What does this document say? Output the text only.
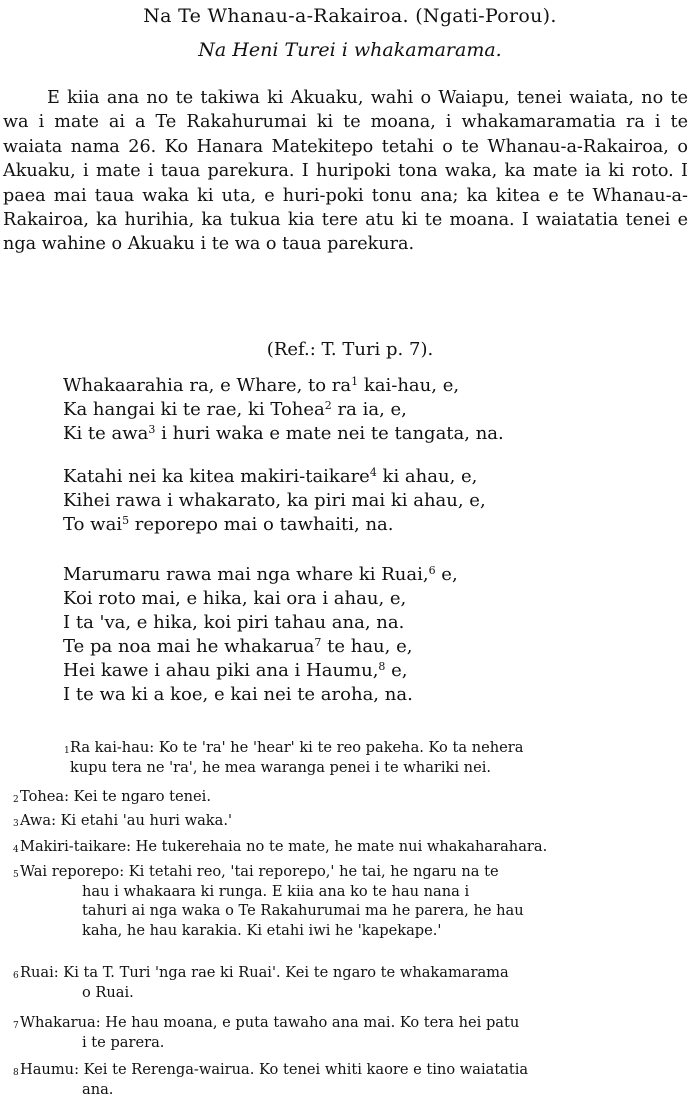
Na Te Whanau-a-Rakairoa. (Ngati-Porou).
Na Heni Turei i whakamarama.

E kiia ana no te takiwa ki Akuaku, wahi o Waiapu, tenei waiata, no te wa i mate ai a Te Rakahurumai ki te moana, i whakamaramatia ra i te waiata nama 26. Ko Hanara Matekitepo tetahi o te Whanau-a-Rakairoa, o Akuaku, i mate i taua parekura. I huripoki tona waka, ka mate ia ki roto. I paea mai taua waka ki uta, e huri-poki tonu ana; ka kitea e te Whanau-a-Rakairoa, ka hurihia, ka tukua kia tere atu ki te moana. I waiatatia tenei e nga wahine o Akuaku i te wa o taua parekura.

(Ref.: T. Turi p. 7).
Whakaarahia ra, e Whare, to $ra^1$ kai-hau, e,
Ka hangai ki te rae, ki Tohea$^2$ ra ia, e,
Ki te awa$^3$ i huri waka e mate nei te tangata, na.
Katahi nei ka kitea makiri-taikare$^4$ ki ahau, e,
Kihei rawa i whakarato, ka piri mai ki ahau, e,
To wai$^5$ reporepo mai o tawhaiti, na.
Marumaru rawa mai nga whare ki Ruai,$^6$ e,
Koi roto mai, e hika, kai ora i ahau, e,
I ta 'va, e hika, koi piri tahau ana, na.
Te pa noa mai he whakarua$^7$ te hau, e,
Hei kawe i ahau piki ana i Haumu,$^8$ e,
I te wa ki a koe, e kai nei te aroha, na.
1 Ra kai-hau: Ko te 'ra' he 'hear' ki te reo pakeha. Ko ta nehera
kupu tera ne 'ra', he mea waranga penei i te whariki nei.
2 Tohea: Kei te ngaro tenei.
3 Awa: Ki etahi 'au huri waka.'
4 Makiri-taikare: He tukerehaia no te mate, he mate nui whakaharahara.
5 Wai reporepo: Ki tetahi reo, 'tai reporepo,' he tai, he ngaru na te
hau i whakaara ki runga. E kiia ana ko te hau nana i
tahuri ai nga waka o Te Rakahurumai ma he parera, he hau
kaha, he hau karakia. Ki etahi iwi he 'kapekape.'
6 Ruai: Ki ta T. Turi 'nga rae ki Ruai'. Kei te ngaro te whakamarama
o Ruai.
7 Whakarua: He hau moana, e puta tawaho ana mai. Ko tera hei patu
i te parera.
8 Haumu: Kei te Rerenga-wairua. Ko tenei whiti kaore e tino waiatatia
ana.
